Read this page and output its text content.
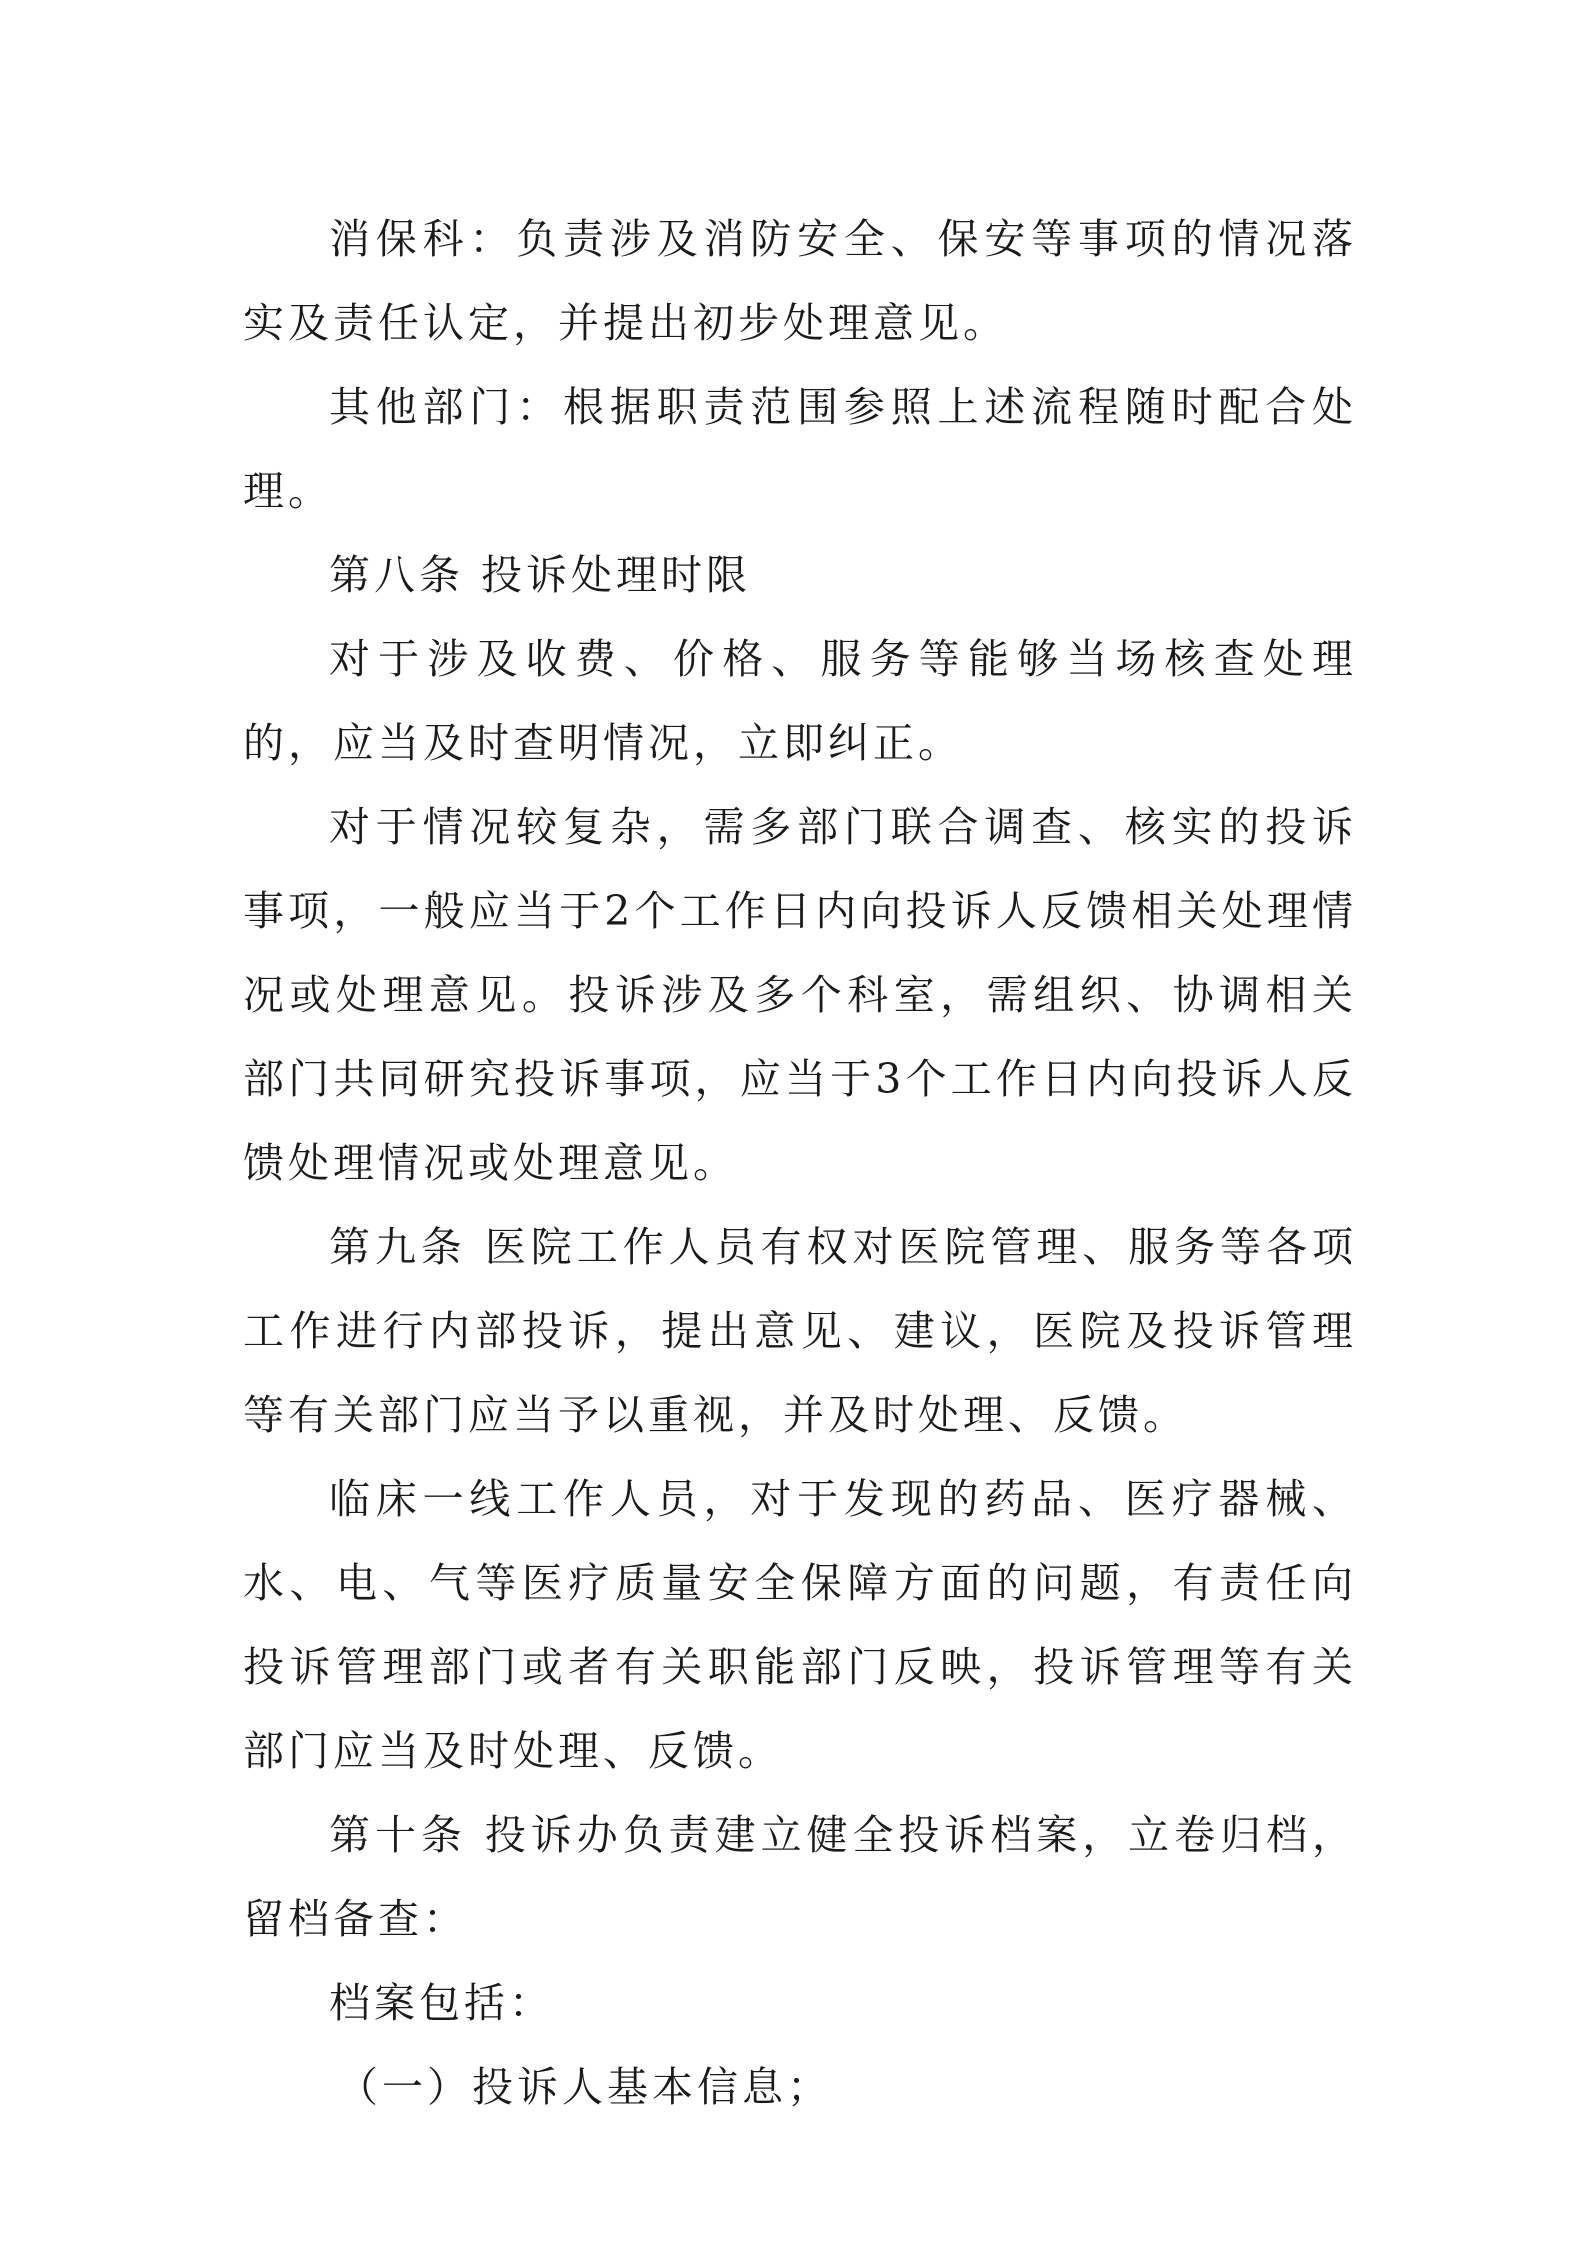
消保科：负责涉及消防安全、保安等事项的情况落实及责任认定，并提出初步处理意见。

其他部门：根据职责范围参照上述流程随时配合处理。

第八条 投诉处理时限

对于涉及收费、价格、服务等能够当场核查处理的，应当及时查明情况，立即纠正。

对于情况较复杂，需多部门联合调查、核实的投诉事项，一般应当于2个工作日内向投诉人反馈相关处理情况或处理意见。投诉涉及多个科室，需组织、协调相关部门共同研究投诉事项，应当于3个工作日内向投诉人反馈处理情况或处理意见。

第九条 医院工作人员有权对医院管理、服务等各项工作进行内部投诉，提出意见、建议，医院及投诉管理等有关部门应当予以重视，并及时处理、反馈。

临床一线工作人员，对于发现的药品、医疗器械、水、电、气等医疗质量安全保障方面的问题，有责任向投诉管理部门或者有关职能部门反映，投诉管理等有关部门应当及时处理、反馈。

第十条 投诉办负责建立健全投诉档案，立卷归档，留档备查：

档案包括：

（一）投诉人基本信息；
